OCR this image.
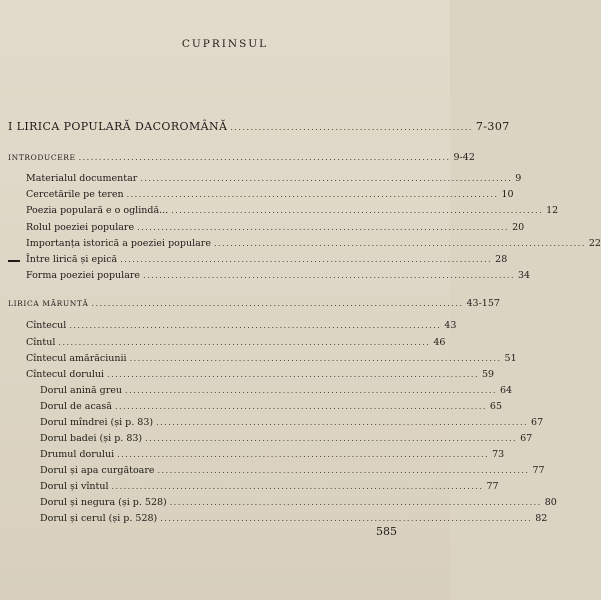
CUPRINSUL
I LIRICA POPULARĂ DACOROMÂNĂ ............................................................ 7-307
INTRODUCERE ............................................................................................ 9-42
Materialul documentar ............................................................................................ 9
Cercetările pe teren ............................................................................................ 10
Poezia populară e o oglindă... ............................................................................................ 12
Rolul poeziei populare ............................................................................................ 20
Importanța istorică a poeziei populare ............................................................................................ 22
Între lirică și epică ............................................................................................ 28
Forma poeziei populare ............................................................................................ 34
LIRICA MĂRUNTĂ ............................................................................................ 43-157
Cîntecul ............................................................................................ 43
Cîntul ............................................................................................ 46
Cîntecul amărăciunii ............................................................................................ 51
Cîntecul dorului ............................................................................................ 59
Dorul anină greu ............................................................................................ 64
Dorul de acasă ............................................................................................ 65
Dorul mîndrei (și p. 83) ............................................................................................ 67
Dorul badei (și p. 83) ............................................................................................ 67
Drumul dorului ............................................................................................ 73
Dorul și apa curgătoare ............................................................................................ 77
Dorul și vîntul ............................................................................................ 77
Dorul și negura (și p. 528) ............................................................................................ 80
Dorul și cerul (și p. 528) ............................................................................................ 82
585
